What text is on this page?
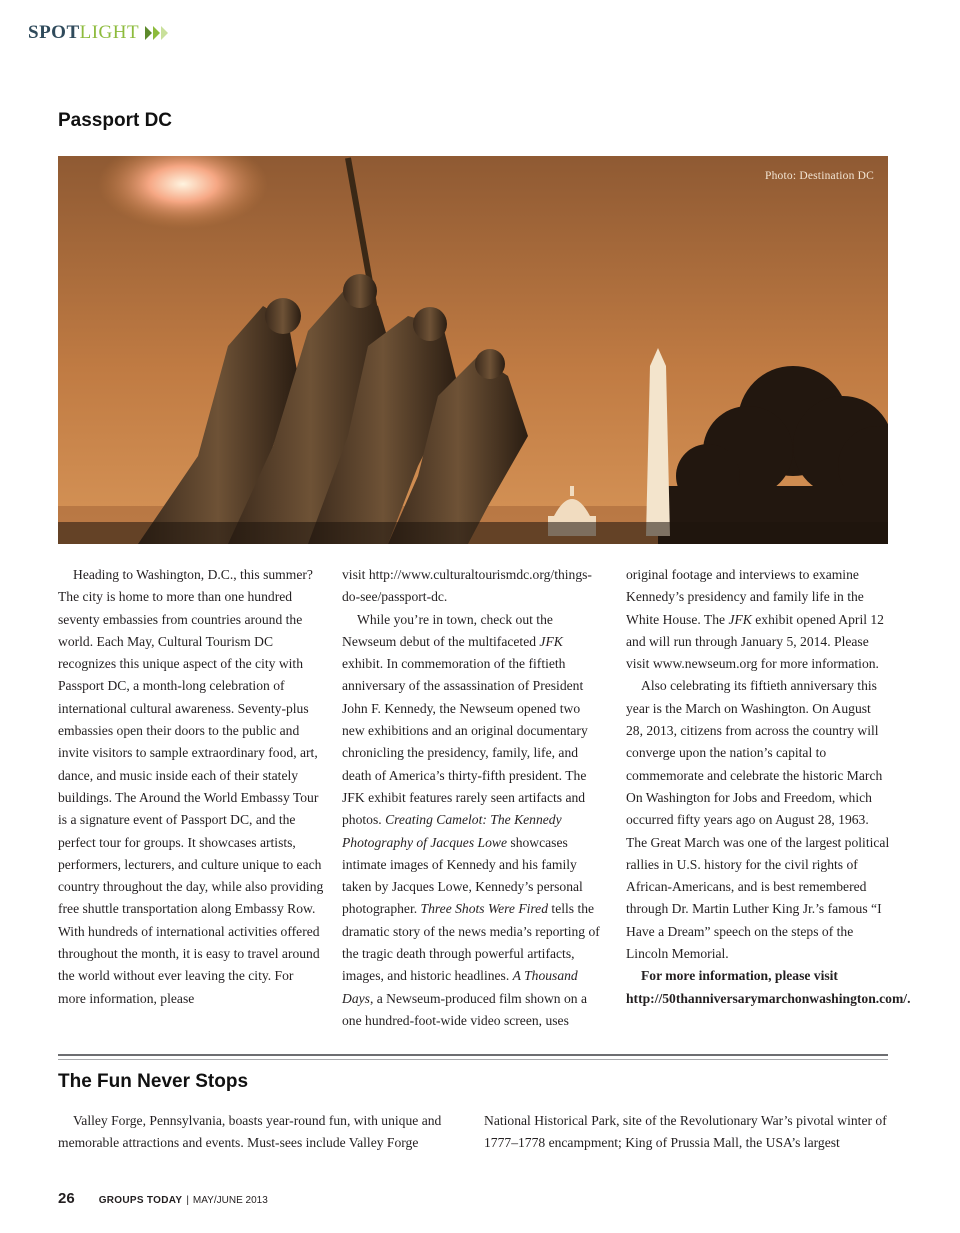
SPOT LIGHT
Passport DC
Photo: Destination DC

Heading to Washington, D.C., this summer? The city is home to more than one hundred seventy embassies from countries around the world. Each May, Cultural Tourism DC recognizes this unique aspect of the city with Passport DC, a month-long celebration of international cultural awareness. Seventy-plus embassies open their doors to the public and invite visitors to sample extraordinary food, art, dance, and music inside each of their stately buildings. The Around the World Embassy Tour is a signature event of Passport DC, and the perfect tour for groups. It showcases artists, performers, lecturers, and culture unique to each country throughout the day, while also providing free shuttle transportation along Embassy Row. With hundreds of international activities offered throughout the month, it is easy to travel around the world without ever leaving the city. For more information, please

visit http://www.culturaltourismdc.org/things-do-see/passport-dc.

While you’re in town, check out the Newseum debut of the multifaceted JFK exhibit. In commemoration of the fiftieth anniversary of the assassination of President John F. Kennedy, the Newseum opened two new exhibitions and an original documentary chronicling the presidency, family, life, and death of America’s thirty-fifth president. The JFK exhibit features rarely seen artifacts and photos. Creating Camelot: The Kennedy Photography of Jacques Lowe showcases intimate images of Kennedy and his family taken by Jacques Lowe, Kennedy’s personal photographer. Three Shots Were Fired tells the dramatic story of the news media’s reporting of the tragic death through powerful artifacts, images, and historic headlines. A Thousand Days, a Newseum-produced film shown on a one hundred-foot-wide video screen, uses

original footage and interviews to examine Kennedy’s presidency and family life in the White House. The JFK exhibit opened April 12 and will run through January 5, 2014. Please visit www.newseum.org for more information.

Also celebrating its fiftieth anniversary this year is the March on Washington. On August 28, 2013, citizens from across the country will converge upon the nation’s capital to commemorate and celebrate the historic March On Washington for Jobs and Freedom, which occurred fifty years ago on August 28, 1963. The Great March was one of the largest political rallies in U.S. history for the civil rights of African-Americans, and is best remembered through Dr. Martin Luther King Jr.’s famous “I Have a Dream” speech on the steps of the Lincoln Memorial.

For more information, please visit http://50thanniversarymarchonwashington.com/.

The Fun Never Stops

Valley Forge, Pennsylvania, boasts year-round fun, with unique and memorable attractions and events. Must-sees include Valley Forge

National Historical Park, site of the Revolutionary War’s pivotal winter of 1777–1778 encampment; King of Prussia Mall, the USA’s largest

26 GROUPS TODAY | MAY/JUNE 2013
